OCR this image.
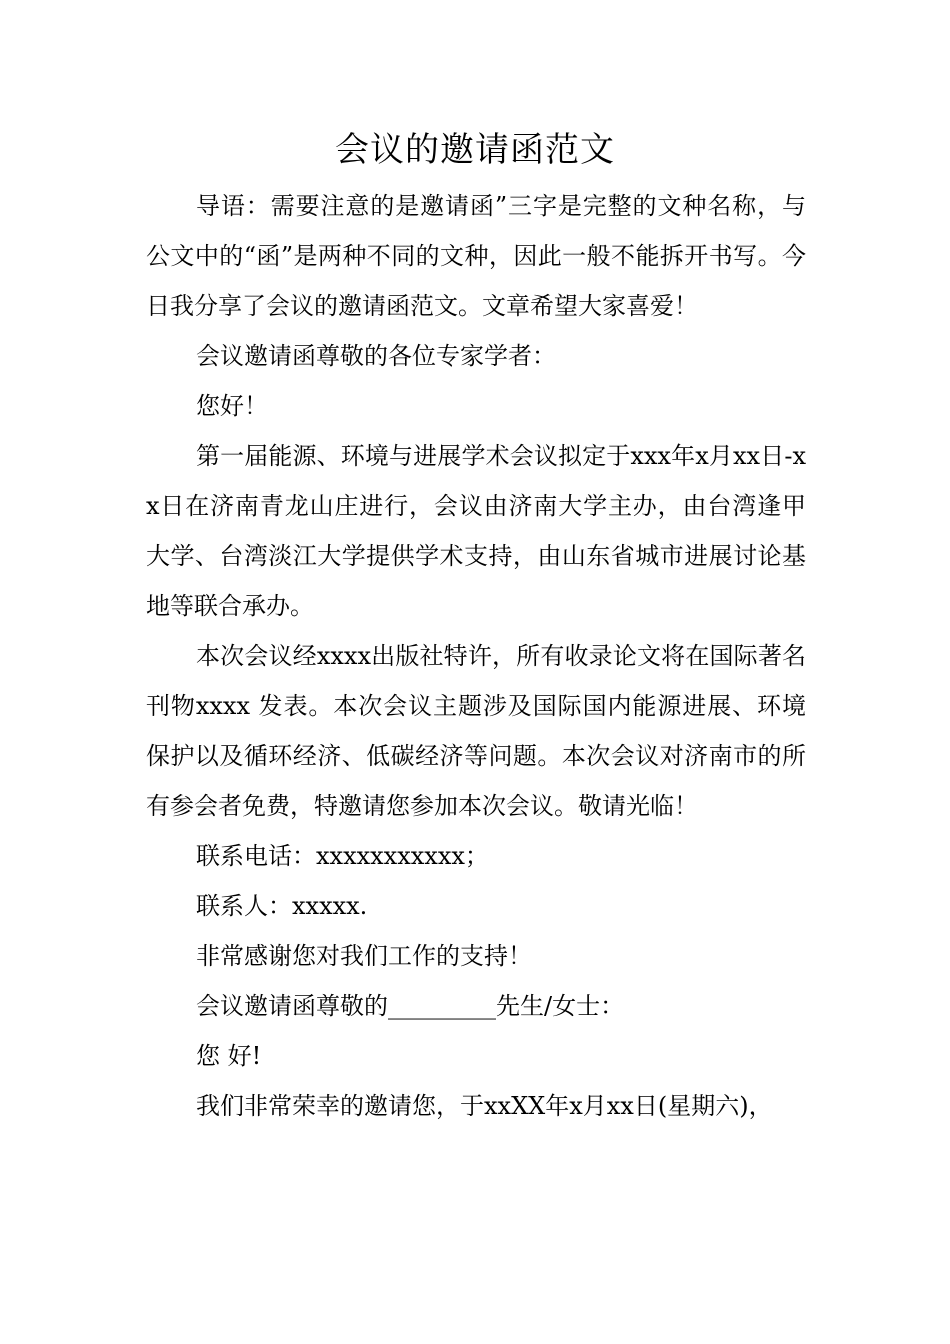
会议的邀请函范文

导语：需要注意的是邀请函”三字是完整的文种名称，与公文中的“函”是两种不同的文种，因此一般不能拆开书写。今日我分享了会议的邀请函范文。文章希望大家喜爱！

会议邀请函尊敬的各位专家学者：

您好！

第一届能源、环境与进展学术会议拟定于xxx年x月xx日-xx日在济南青龙山庄进行，会议由济南大学主办，由台湾逢甲大学、台湾淡江大学提供学术支持，由山东省城市进展讨论基地等联合承办。

本次会议经xxxx出版社特许，所有收录论文将在国际著名刊物xxxx 发表。本次会议主题涉及国际国内能源进展、环境保护以及循环经济、低碳经济等问题。本次会议对济南市的所有参会者免费，特邀请您参加本次会议。敬请光临！

联系电话：xxxxxxxxxxx；

联系人：xxxxx.

非常感谢您对我们工作的支持！

会议邀请函尊敬的_________先生/女士：

您 好!

我们非常荣幸的邀请您，于xxXX年x月xx日(星期六)，
